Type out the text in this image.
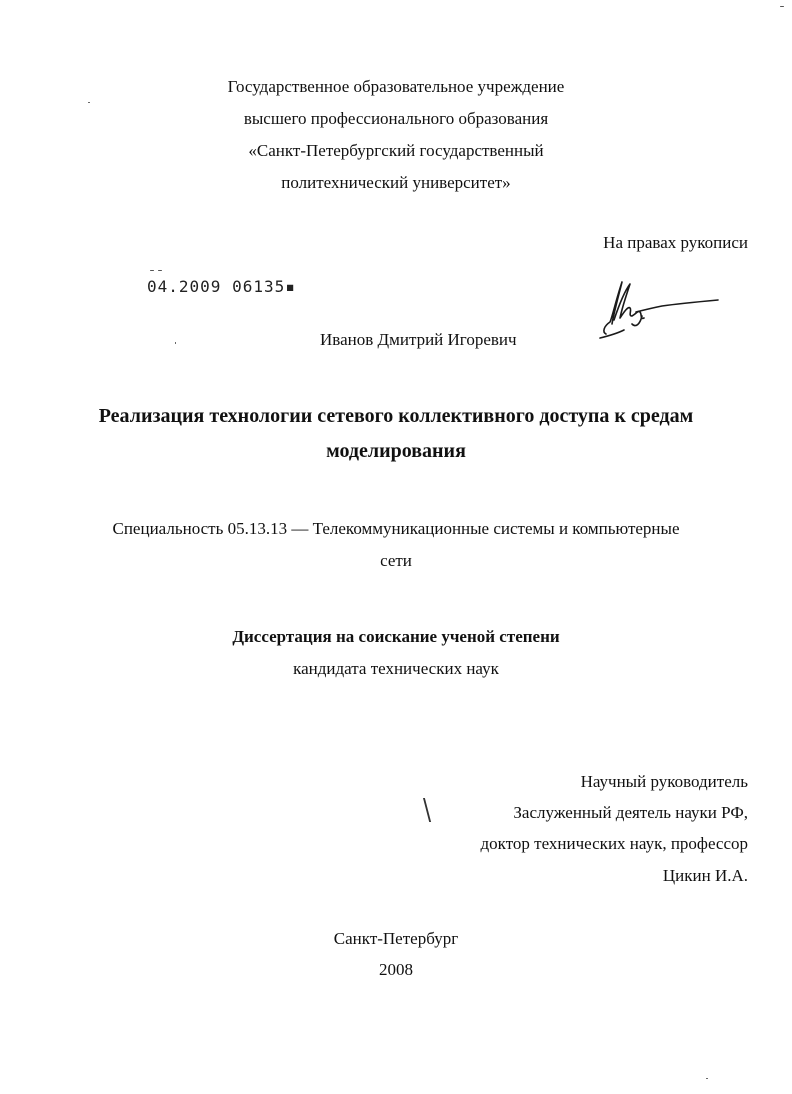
Государственное образовательное учреждение
высшего профессионального образования
«Санкт-Петербургский государственный
политехнический университет»
На правах рукописи
04.2009 06135▪
Иванов Дмитрий Игоревич
Реализация технологии сетевого коллективного доступа к средам
моделирования
Специальность 05.13.13 — Телекоммуникационные системы и компьютерные
сети
Диссертация на соискание ученой степени
кандидата технических наук
Научный руководитель
\	Заслуженный деятель науки РФ,
доктор технических наук, профессор
Цикин И.А.
Санкт-Петербург
2008
